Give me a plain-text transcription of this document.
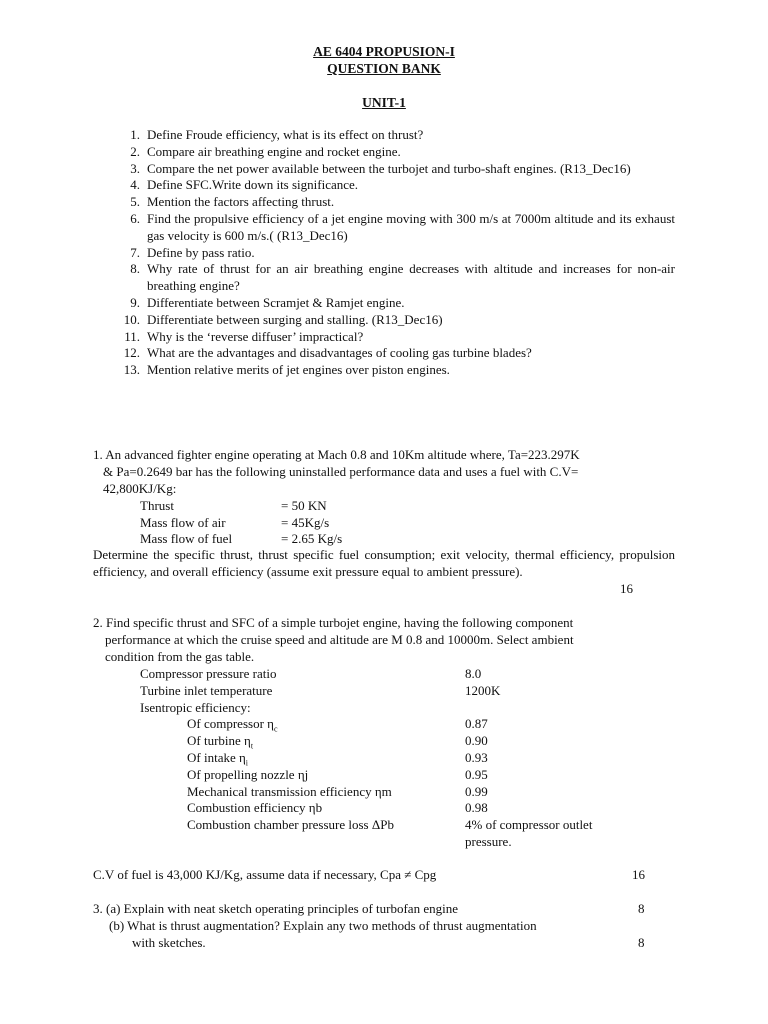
AE 6404 PROPUSION-I
QUESTION BANK
UNIT-1
1. Define Froude efficiency, what is its effect on thrust?
2. Compare air breathing engine and rocket engine.
3. Compare the net power available between the turbojet and turbo-shaft engines. (R13_Dec16)
4. Define SFC.Write down its significance.
5. Mention the factors affecting thrust.
6. Find the propulsive efficiency of a jet engine moving with 300 m/s at 7000m altitude and its exhaust gas velocity is 600 m/s.( (R13_Dec16)
7. Define by pass ratio.
8. Why rate of thrust for an air breathing engine decreases with altitude and increases for non-air breathing engine?
9. Differentiate between Scramjet & Ramjet engine.
10. Differentiate between surging and stalling. (R13_Dec16)
11. Why is the ‘reverse diffuser’ impractical?
12. What are the advantages and disadvantages of cooling gas turbine blades?
13. Mention relative merits of jet engines over piston engines.
1. An advanced fighter engine operating at Mach 0.8 and 10Km altitude where, Ta=223.297K
& Pa=0.2649 bar has the following uninstalled performance data and uses a fuel with C.V=
42,800KJ/Kg:
Thrust	= 50 KN
Mass flow of air	= 45Kg/s
Mass flow of fuel	= 2.65 Kg/s
Determine the specific thrust, thrust specific fuel consumption; exit velocity, thermal efficiency, propulsion efficiency, and overall efficiency (assume exit pressure equal to ambient pressure).
16
2. Find specific thrust and SFC of a simple turbojet engine, having the following component
performance at which the cruise speed and altitude are M 0.8 and 10000m. Select ambient
condition from the gas table.
Compressor pressure ratio	8.0
Turbine inlet temperature	1200K
Isentropic efficiency:
Of compressor $\eta_c$	0.87
Of turbine $\eta_t$	0.90
Of intake $\eta_i$	0.93
Of propelling nozzle ηj	0.95
Mechanical transmission efficiency ηm	0.99
Combustion efficiency ηb	0.98
Combustion chamber pressure loss ΔPb	4% of compressor outlet
pressure.
C.V of fuel is 43,000 KJ/Kg, assume data if necessary, Cpa ≠ Cpg	16
3. (a) Explain with neat sketch operating principles of turbofan engine	8
(b) What is thrust augmentation? Explain any two methods of thrust augmentation
with sketches.	8
